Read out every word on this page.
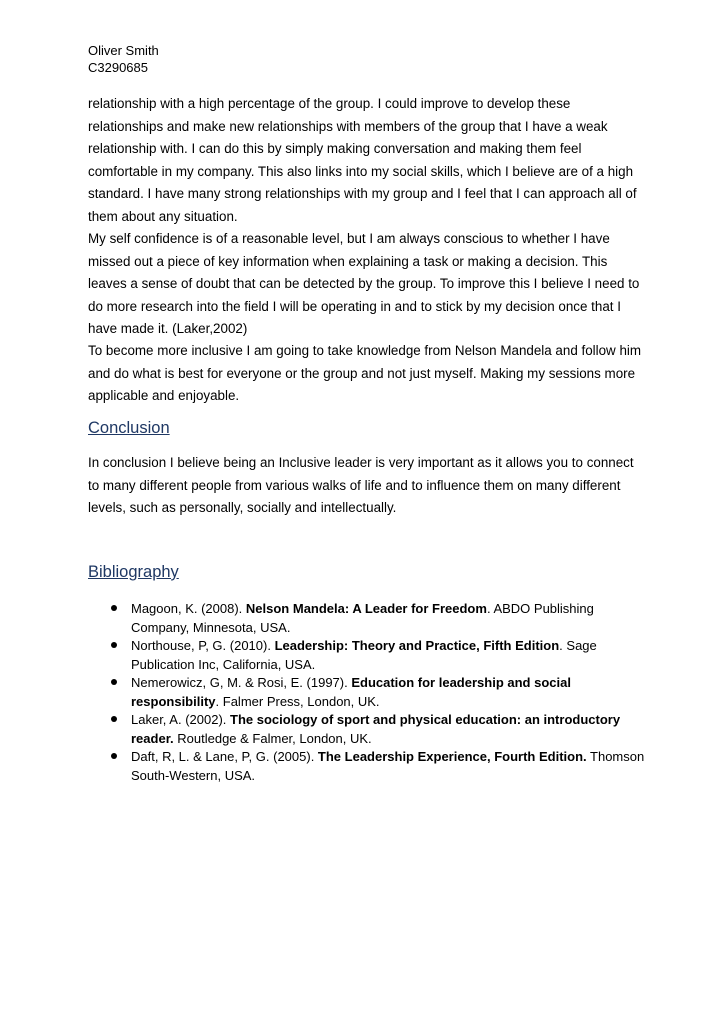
Oliver Smith
C3290685

relationship with a high percentage of the group. I could improve to develop these relationships and make new relationships with members of the group that I have a weak relationship with. I can do this by simply making conversation and making them feel comfortable in my company. This also links into my social skills, which I believe are of a high standard. I have many strong relationships with my group and I feel that I can approach all of them about any situation.

My self confidence is of a reasonable level, but I am always conscious to whether I have missed out a piece of key information when explaining a task or making a decision. This leaves a sense of doubt that can be detected by the group. To improve this I believe I need to do more research into the field I will be operating in and to stick by my decision once that I have made it. (Laker,2002)

To become more inclusive I am going to take knowledge from Nelson Mandela and follow him and do what is best for everyone or the group and not just myself. Making my sessions more applicable and enjoyable.

Conclusion

In conclusion I believe being an Inclusive leader is very important as it allows you to connect to many different people from various walks of life and to influence them on many different levels, such as personally, socially and intellectually.

Bibliography
Magoon, K. (2008). Nelson Mandela: A Leader for Freedom. ABDO Publishing Company, Minnesota, USA.
Northouse, P, G. (2010). Leadership: Theory and Practice, Fifth Edition. Sage Publication Inc, California, USA.
Nemerowicz, G, M. & Rosi, E. (1997). Education for leadership and social responsibility. Falmer Press, London, UK.
Laker, A. (2002). The sociology of sport and physical education: an introductory reader. Routledge & Falmer, London, UK.
Daft, R, L. & Lane, P, G. (2005). The Leadership Experience, Fourth Edition. Thomson South-Western, USA.
